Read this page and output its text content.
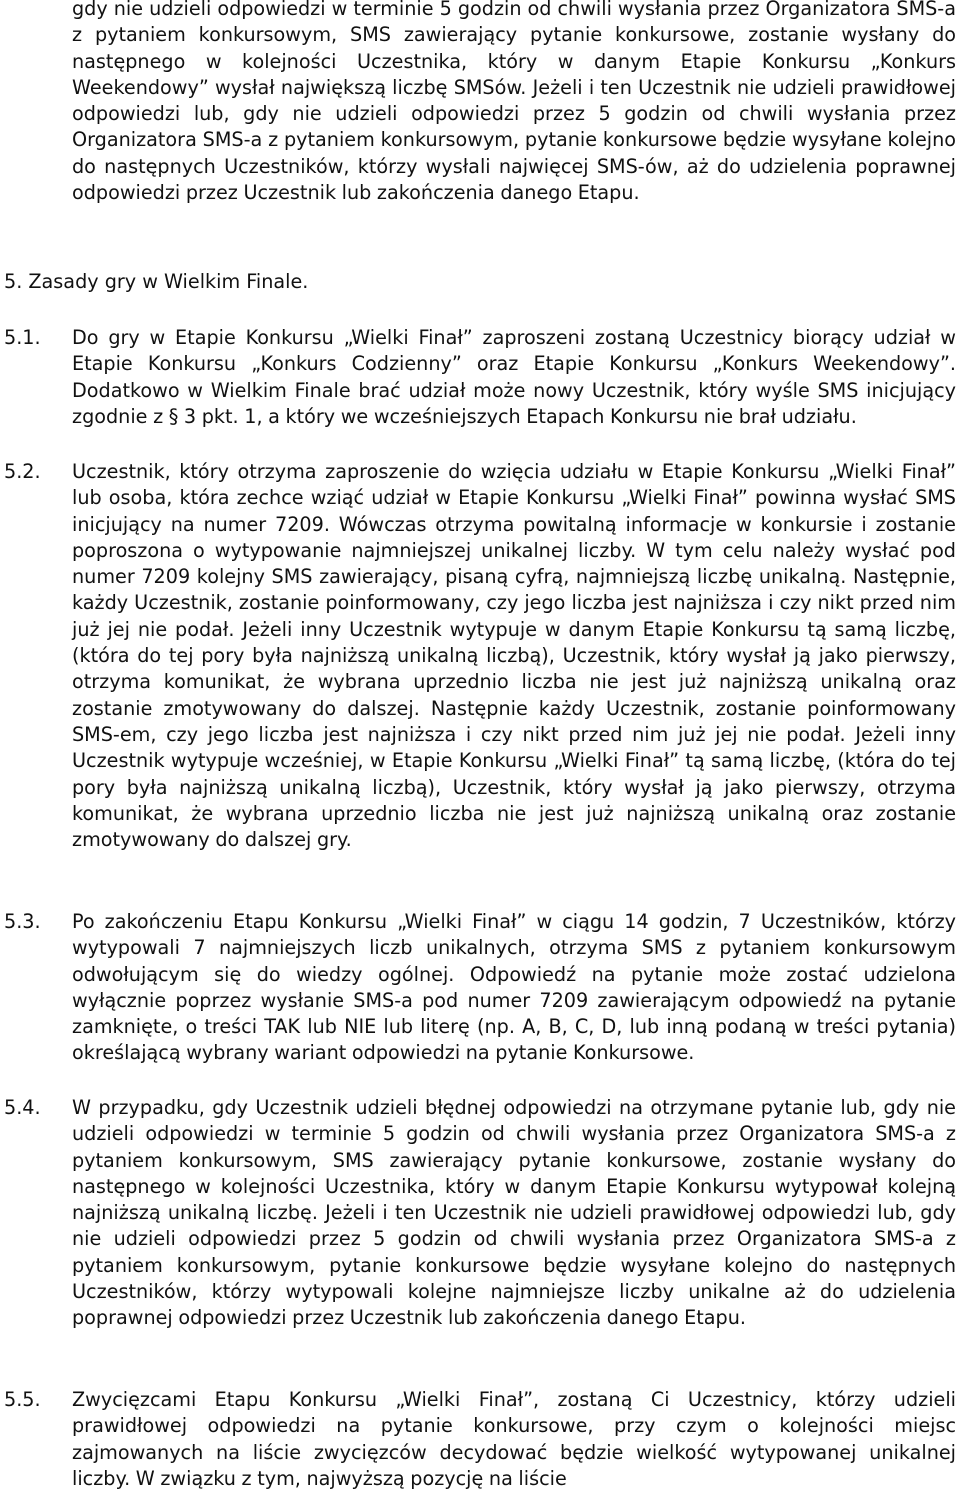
gdy nie udzieli odpowiedzi w terminie 5 godzin od chwili wysłania przez Organizatora SMS-a z pytaniem konkursowym, SMS zawierający pytanie konkursowe, zostanie wysłany do następnego w kolejności Uczestnika, który w danym Etapie Konkursu „Konkurs Weekendowy” wysłał największą liczbę SMSów. Jeżeli i ten Uczestnik nie udzieli prawidłowej odpowiedzi lub, gdy nie udzieli odpowiedzi przez 5 godzin od chwili wysłania przez Organizatora SMS-a z pytaniem konkursowym, pytanie konkursowe będzie wysyłane kolejno do następnych Uczestników, którzy wysłali najwięcej SMS-ów, aż do udzielenia poprawnej odpowiedzi przez Uczestnik lub zakończenia danego Etapu.

5. Zasady gry w Wielkim Finale.

5.1. Do gry w Etapie Konkursu „Wielki Finał” zaproszeni zostaną Uczestnicy biorący udział w Etapie Konkursu „Konkurs Codzienny” oraz Etapie Konkursu „Konkurs Weekendowy”. Dodatkowo w Wielkim Finale brać udział może nowy Uczestnik, który wyśle SMS inicjujący zgodnie z § 3 pkt. 1, a który we wcześniejszych Etapach Konkursu nie brał udziału.

5.2. Uczestnik, który otrzyma zaproszenie do wzięcia udziału w Etapie Konkursu „Wielki Finał” lub osoba, która zechce wziąć udział w Etapie Konkursu „Wielki Finał” powinna wysłać SMS inicjujący na numer 7209. Wówczas otrzyma powitalną informacje w konkursie i zostanie poproszona o wytypowanie najmniejszej unikalnej liczby. W tym celu należy wysłać pod numer 7209 kolejny SMS zawierający, pisaną cyfrą, najmniejszą liczbę unikalną. Następnie, każdy Uczestnik, zostanie poinformowany, czy jego liczba jest najniższa i czy nikt przed nim już jej nie podał. Jeżeli inny Uczestnik wytypuje w danym Etapie Konkursu tą samą liczbę, (która do tej pory była najniższą unikalną liczbą), Uczestnik, który wysłał ją jako pierwszy, otrzyma komunikat, że wybrana uprzednio liczba nie jest już najniższą unikalną oraz zostanie zmotywowany do dalszej. Następnie każdy Uczestnik, zostanie poinformowany SMS-em, czy jego liczba jest najniższa i czy nikt przed nim już jej nie podał. Jeżeli inny Uczestnik wytypuje wcześniej, w Etapie Konkursu „Wielki Finał” tą samą liczbę, (która do tej pory była najniższą unikalną liczbą), Uczestnik, który wysłał ją jako pierwszy, otrzyma komunikat, że wybrana uprzednio liczba nie jest już najniższą unikalną oraz zostanie zmotywowany do dalszej gry.

5.3. Po zakończeniu Etapu Konkursu „Wielki Finał” w ciągu 14 godzin, 7 Uczestników, którzy wytypowali 7 najmniejszych liczb unikalnych, otrzyma SMS z pytaniem konkursowym odwołującym się do wiedzy ogólnej. Odpowiedź na pytanie może zostać udzielona wyłącznie poprzez wysłanie SMS-a pod numer 7209 zawierającym odpowiedź na pytanie zamknięte, o treści TAK lub NIE lub literę (np. A, B, C, D, lub inną podaną w treści pytania) określającą wybrany wariant odpowiedzi na pytanie Konkursowe.

5.4. W przypadku, gdy Uczestnik udzieli błędnej odpowiedzi na otrzymane pytanie lub, gdy nie udzieli odpowiedzi w terminie 5 godzin od chwili wysłania przez Organizatora SMS-a z pytaniem konkursowym, SMS zawierający pytanie konkursowe, zostanie wysłany do następnego w kolejności Uczestnika, który w danym Etapie Konkursu wytypował kolejną najniższą unikalną liczbę. Jeżeli i ten Uczestnik nie udzieli prawidłowej odpowiedzi lub, gdy nie udzieli odpowiedzi przez 5 godzin od chwili wysłania przez Organizatora SMS-a z pytaniem konkursowym, pytanie konkursowe będzie wysyłane kolejno do następnych Uczestników, którzy wytypowali kolejne najmniejsze liczby unikalne aż do udzielenia poprawnej odpowiedzi przez Uczestnik lub zakończenia danego Etapu.

5.5. Zwycięzcami Etapu Konkursu „Wielki Finał”, zostaną Ci Uczestnicy, którzy udzieli prawidłowej odpowiedzi na pytanie konkursowe, przy czym o kolejności miejsc zajmowanych na liście zwycięzców decydować będzie wielkość wytypowanej unikalnej liczby. W związku z tym, najwyższą pozycję na liście
